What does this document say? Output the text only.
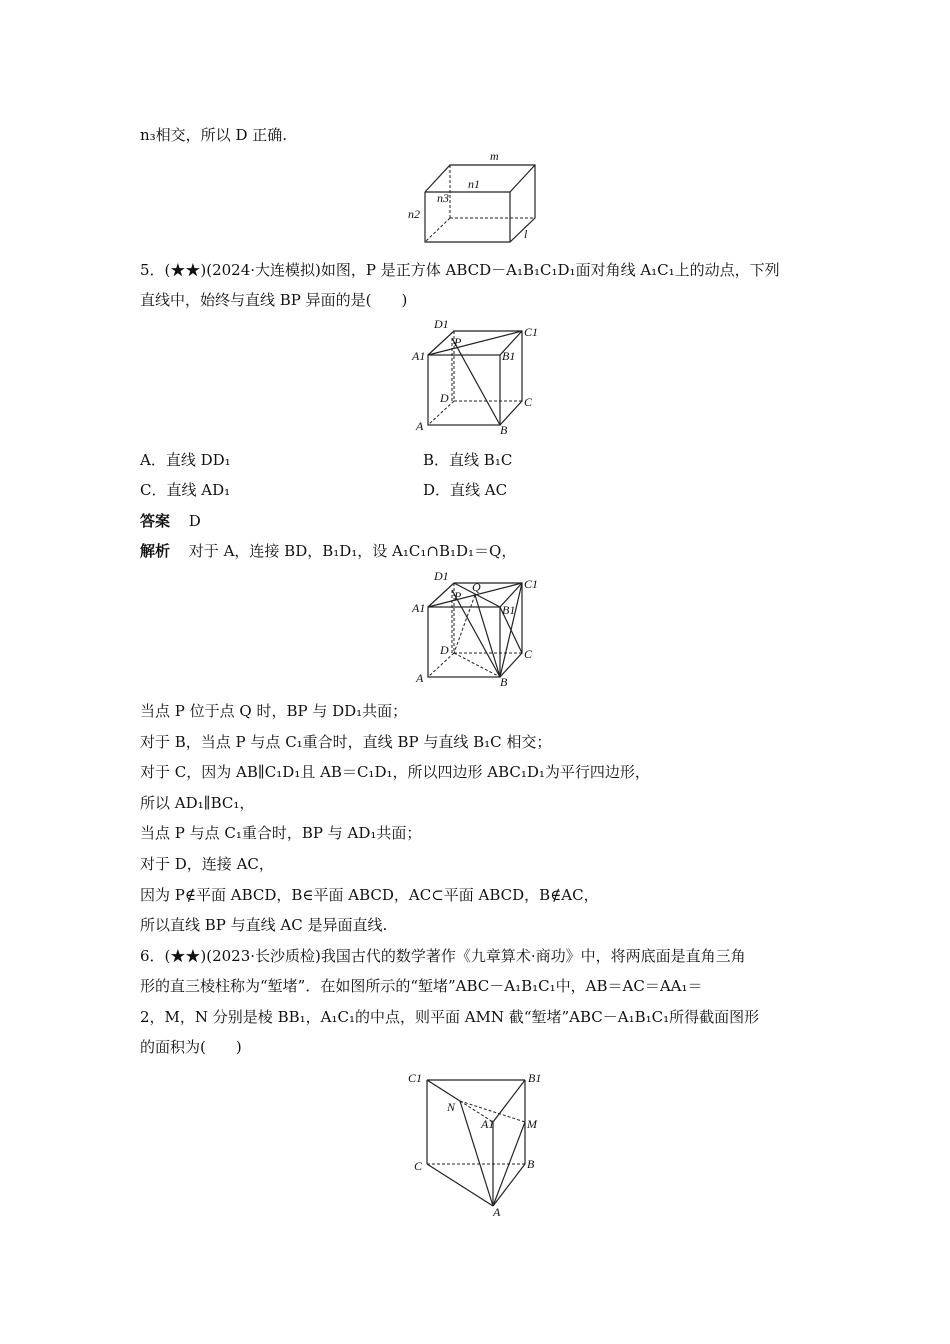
n₃相交，所以 D 正确.
m
n1
n3
n2
l
5．(★★)(2024·大连模拟)如图，P 是正方体 ABCD－A₁B₁C₁D₁面对角线 A₁C₁上的动点，下列
直线中，始终与直线 BP 异面的是(　　)
D1
C1
A1
P
B1
D	C
A	B
A．直线 DD₁	B．直线 B₁C
C．直线 AD₁	D．直线 AC
答案 D
解析 对于 A，连接 BD，B₁D₁，设 A₁C₁∩B₁D₁＝Q，
D1
Q	C1
A1
P
B1
D	C
A	B
当点 P 位于点 Q 时，BP 与 DD₁共面；
对于 B，当点 P 与点 C₁重合时，直线 BP 与直线 B₁C 相交；
对于 C，因为 AB∥C₁D₁且 AB＝C₁D₁，所以四边形 ABC₁D₁为平行四边形，
所以 AD₁∥BC₁，
当点 P 与点 C₁重合时，BP 与 AD₁共面；
对于 D，连接 AC，
因为 P∉平面 ABCD，B∈平面 ABCD，AC⊂平面 ABCD，B∉AC，
所以直线 BP 与直线 AC 是异面直线.
6．(★★)(2023·长沙质检)我国古代的数学著作《九章算术·商功》中，将两底面是直角三角
形的直三棱柱称为“堑堵”．在如图所示的“堑堵”ABC－A₁B₁C₁中，AB＝AC＝AA₁＝
2，M，N 分别是棱 BB₁，A₁C₁的中点，则平面 AMN 截“堑堵”ABC－A₁B₁C₁所得截面图形
的面积为(　　)
C1	B1
N
A1	M
C	B
A
